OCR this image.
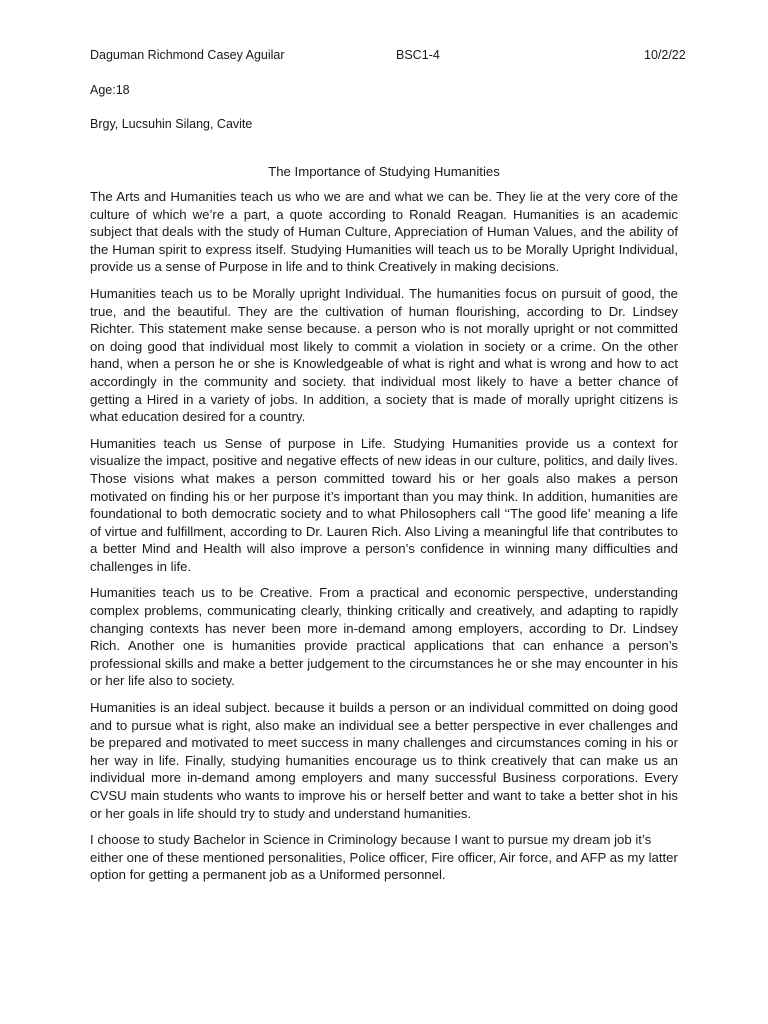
Daguman Richmond Casey Aguilar	BSC1-4	10/2/22
Age:18
Brgy, Lucsuhin Silang, Cavite
The Importance of Studying Humanities

The Arts and Humanities teach us who we are and what we can be. They lie at the very core of the culture of which we’re a part, a quote according to Ronald Reagan. Humanities is an academic subject that deals with the study of Human Culture, Appreciation of Human Values, and the ability of the Human spirit to express itself. Studying Humanities will teach us to be Morally Upright Individual, provide us a sense of Purpose in life and to think Creatively in making decisions.

Humanities teach us to be Morally upright Individual. The humanities focus on pursuit of good, the true, and the beautiful. They are the cultivation of human flourishing, according to Dr. Lindsey Richter. This statement make sense because. a person who is not morally upright or not committed on doing good that individual most likely to commit a violation in society or a crime. On the other hand, when a person he or she is Knowledgeable of what is right and what is wrong and how to act accordingly in the community and society. that individual most likely to have a better chance of getting a Hired in a variety of jobs. In addition, a society that is made of morally upright citizens is what education desired for a country.

Humanities teach us Sense of purpose in Life. Studying Humanities provide us a context for visualize the impact, positive and negative effects of new ideas in our culture, politics, and daily lives. Those visions what makes a person committed toward his or her goals also makes a person motivated on finding his or her purpose it’s important than you may think. In addition, humanities are foundational to both democratic society and to what Philosophers call ‘‘The good life’ meaning a life of virtue and fulfillment, according to Dr. Lauren Rich. Also Living a meaningful life that contributes to a better Mind and Health will also improve a person’s confidence in winning many difficulties and challenges in life.

Humanities teach us to be Creative. From a practical and economic perspective, understanding complex problems, communicating clearly, thinking critically and creatively, and adapting to rapidly changing contexts has never been more in-demand among employers, according to Dr. Lindsey Rich. Another one is humanities provide practical applications that can enhance a person’s professional skills and make a better judgement to the circumstances he or she may encounter in his or her life also to society.

Humanities is an ideal subject. because it builds a person or an individual committed on doing good and to pursue what is right, also make an individual see a better perspective in ever challenges and be prepared and motivated to meet success in many challenges and circumstances coming in his or her way in life. Finally, studying humanities encourage us to think creatively that can make us an individual more in-demand among employers and many successful Business corporations. Every CVSU main students who wants to improve his or herself better and want to take a better shot in his or her goals in life should try to study and understand humanities.

I choose to study Bachelor in Science in Criminology because I want to pursue my dream job it’s either one of these mentioned personalities, Police officer, Fire officer, Air force, and AFP as my latter option for getting a permanent job as a Uniformed personnel.
